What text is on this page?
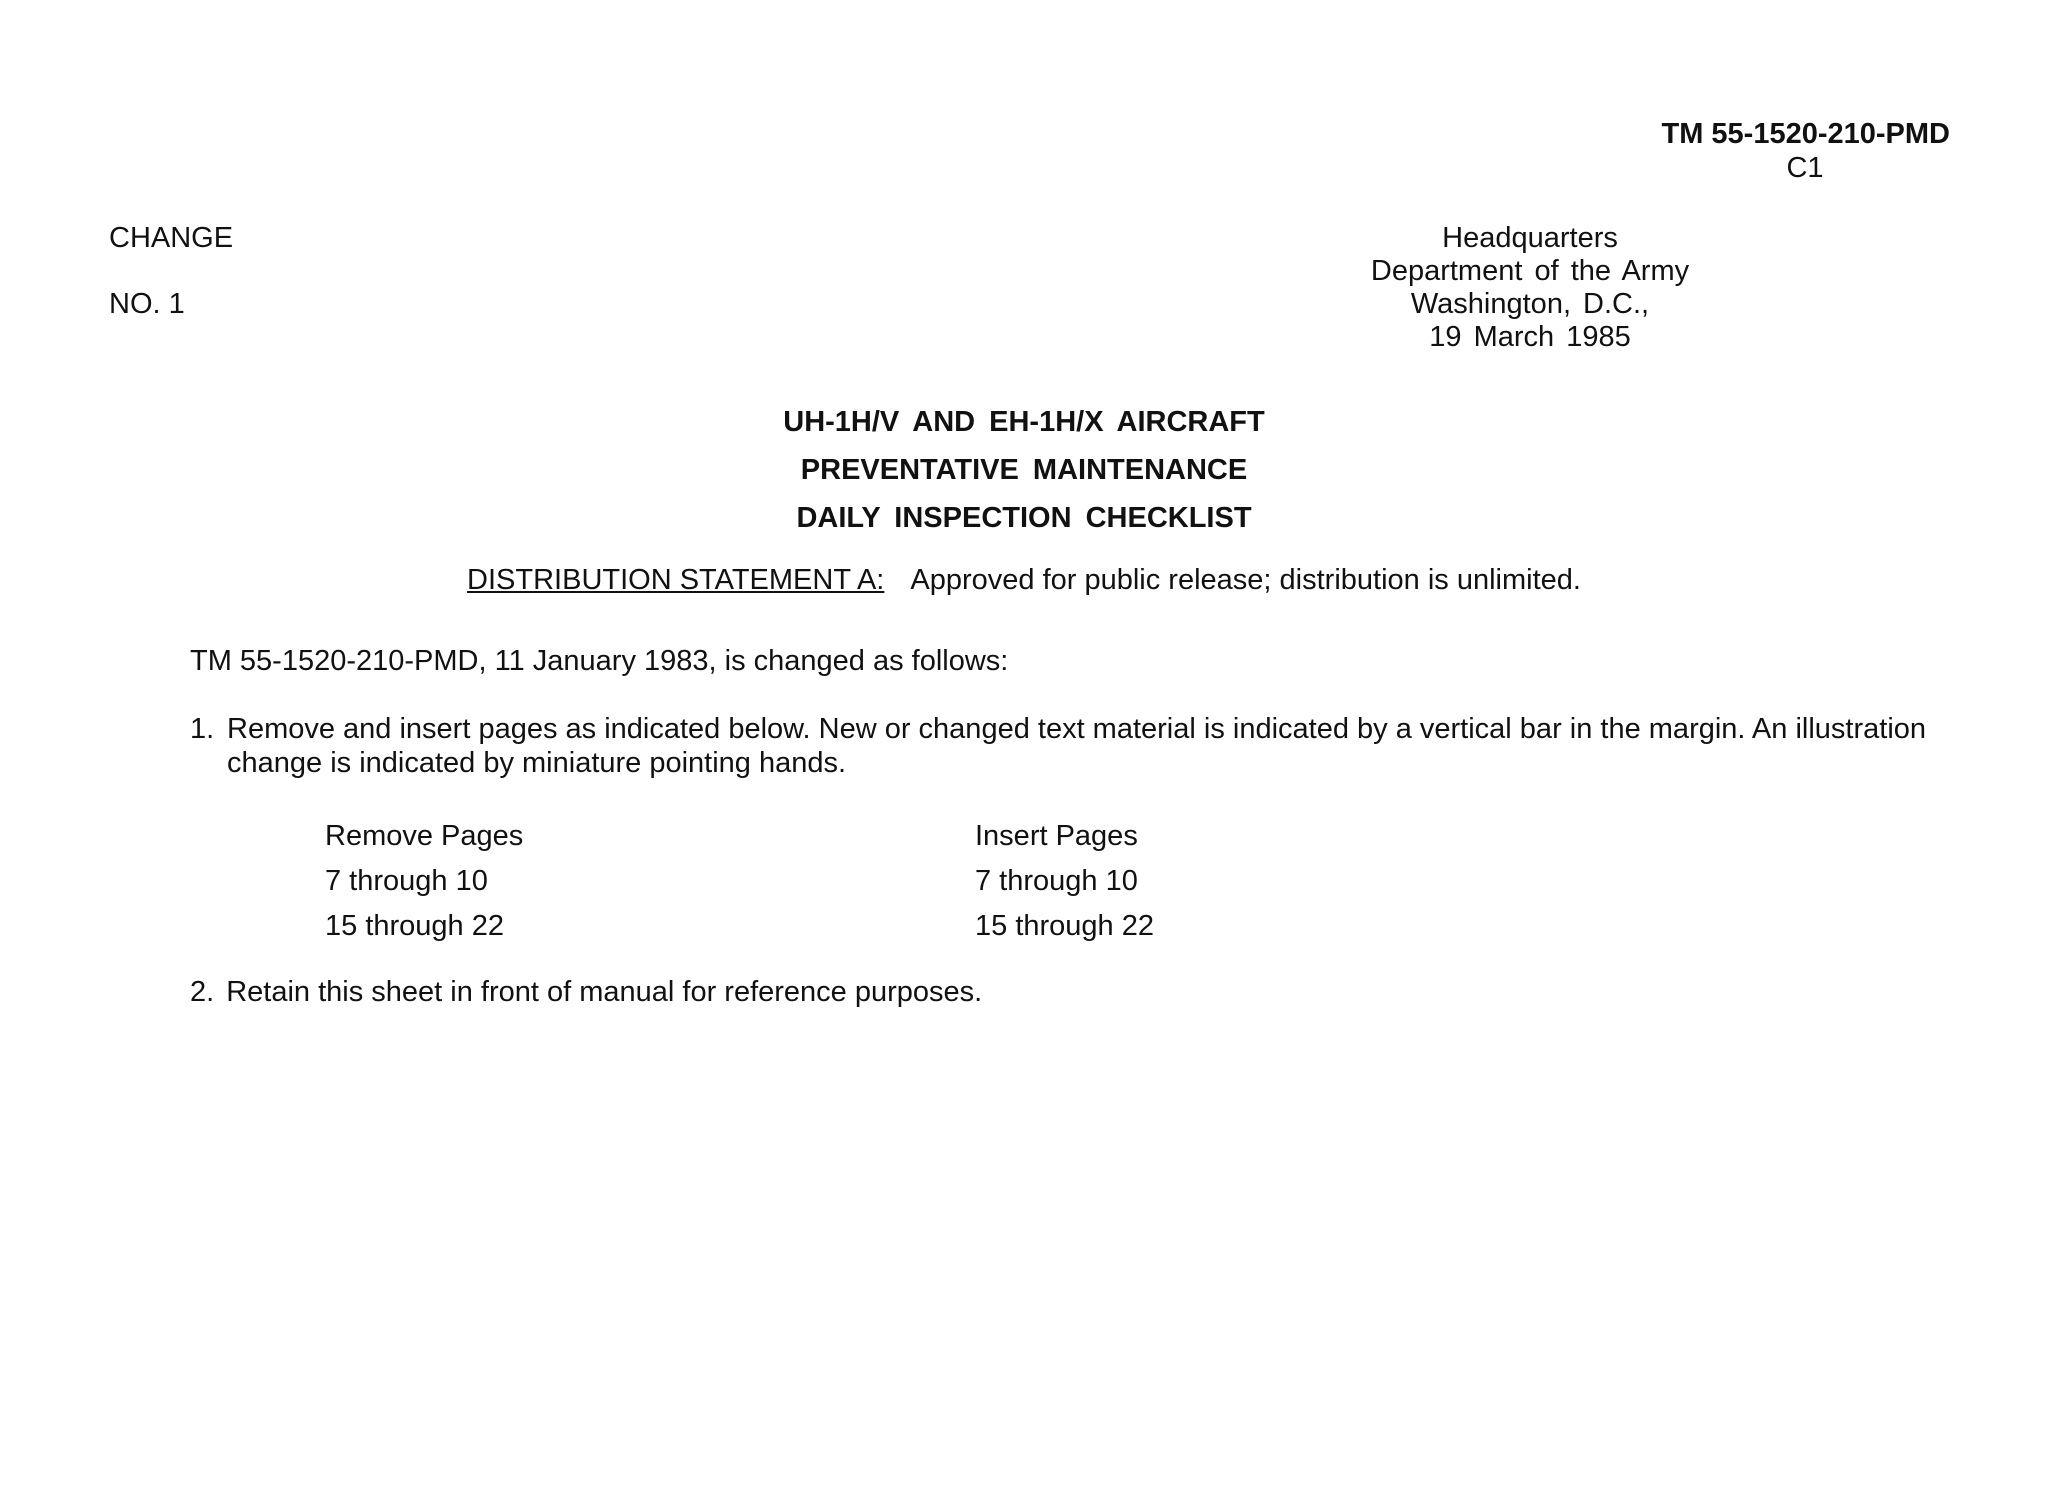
TM 55-1520-210-PMD
C1
CHANGE
NO. 1
Headquarters
Department of the Army
Washington, D.C.,
19 March 1985
UH-1H/V AND EH-1H/X AIRCRAFT
PREVENTATIVE MAINTENANCE
DAILY INSPECTION CHECKLIST
DISTRIBUTION STATEMENT A: Approved for public release; distribution is unlimited.
TM 55-1520-210-PMD, 11 January 1983, is changed as follows:
1. Remove and insert pages as indicated below. New or changed text material is indicated by a vertical bar in the margin. An illustration change is indicated by miniature pointing hands.
Remove Pages	Insert Pages
7 through 10	7 through 10
15 through 22	15 through 22
2. Retain this sheet in front of manual for reference purposes.
